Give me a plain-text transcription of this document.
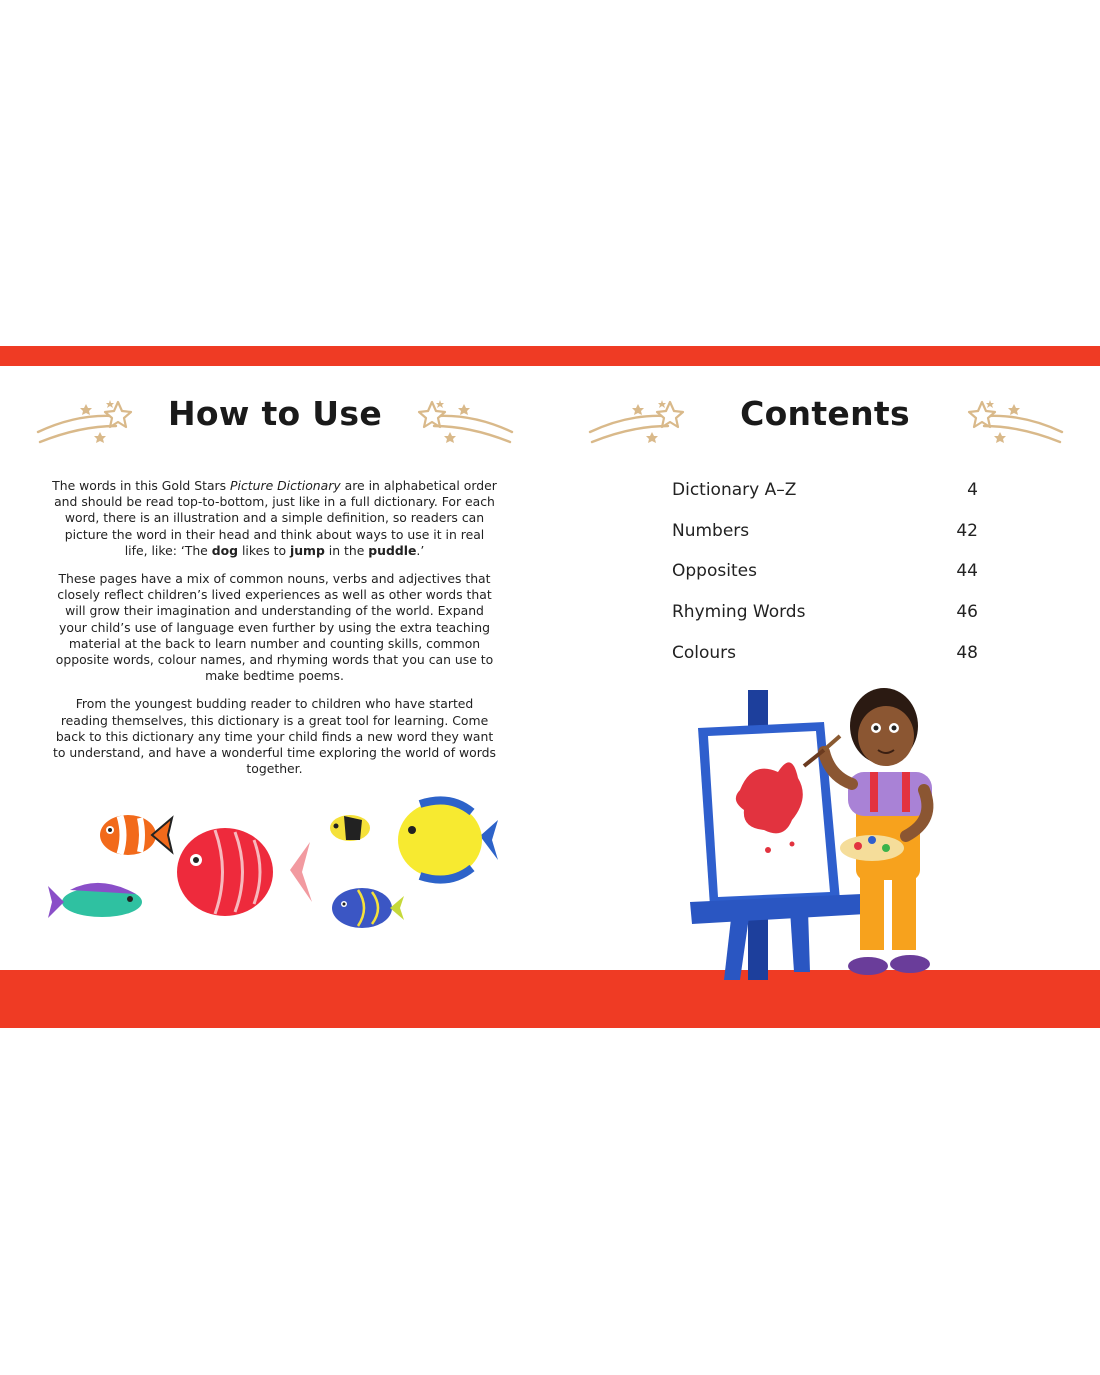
How to Use

The words in this Gold Stars Picture Dictionary are in alphabetical order and should be read top-to-bottom, just like in a full dictionary. For each word, there is an illustration and a simple definition, so readers can picture the word in their head and think about ways to use it in real life, like: ‘The dog likes to jump in the puddle.’

These pages have a mix of common nouns, verbs and adjectives that closely reflect children’s lived experiences as well as other words that will grow their imagination and understanding of the world. Expand your child’s use of language even further by using the extra teaching material at the back to learn number and counting skills, common opposite words, colour names, and rhyming words that you can use to make bedtime poems.

From the youngest budding reader to children who have started reading themselves, this dictionary is a great tool for learning. Come back to this dictionary any time your child finds a new word they want to understand, and have a wonderful time exploring the world of words together.

Contents
Dictionary A–Z	4
Numbers	42
Opposites	44
Rhyming Words	46
Colours	48
